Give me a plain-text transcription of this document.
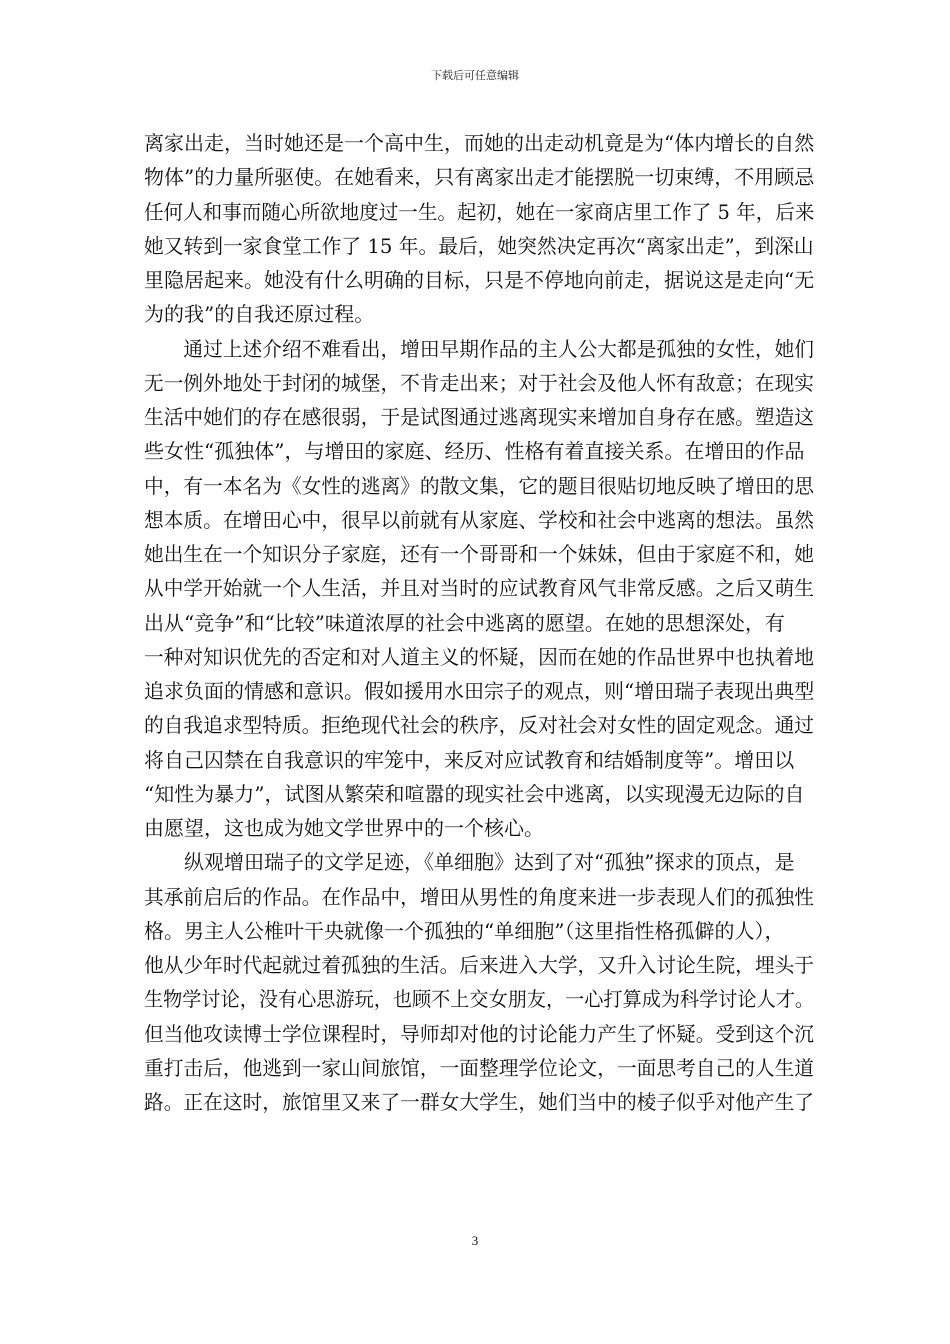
下载后可任意编辑
离家出走，当时她还是一个高中生，而她的出走动机竟是为“体内增长的自然
物体”的力量所驱使。在她看来，只有离家出走才能摆脱一切束缚，不用顾忌
任何人和事而随心所欲地度过一生。起初，她在一家商店里工作了 5 年，后来
她又转到一家食堂工作了 15 年。最后，她突然决定再次“离家出走”，到深山
里隐居起来。她没有什么明确的目标，只是不停地向前走，据说这是走向“无
为的我”的自我还原过程。
　　通过上述介绍不难看出，增田早期作品的主人公大都是孤独的女性，她们
无一例外地处于封闭的城堡，不肯走出来；对于社会及他人怀有敌意；在现实
生活中她们的存在感很弱，于是试图通过逃离现实来增加自身存在感。塑造这
些女性“孤独体”，与增田的家庭、经历、性格有着直接关系。在增田的作品
中，有一本名为《女性的逃离》的散文集，它的题目很贴切地反映了增田的思
想本质。在增田心中，很早以前就有从家庭、学校和社会中逃离的想法。虽然
她出生在一个知识分子家庭，还有一个哥哥和一个妹妹，但由于家庭不和，她
从中学开始就一个人生活，并且对当时的应试教育风气非常反感。之后又萌生
出从“竞争”和“比较”味道浓厚的社会中逃离的愿望。在她的思想深处，有
一种对知识优先的否定和对人道主义的怀疑，因而在她的作品世界中也执着地
追求负面的情感和意识。假如援用水田宗子的观点，则“增田瑞子表现出典型
的自我追求型特质。拒绝现代社会的秩序，反对社会对女性的固定观念。通过
将自己囚禁在自我意识的牢笼中，来反对应试教育和结婚制度等”。增田以
“知性为暴力”，试图从繁荣和喧嚣的现实社会中逃离，以实现漫无边际的自
由愿望，这也成为她文学世界中的一个核心。
　　纵观增田瑞子的文学足迹，《单细胞》达到了对“孤独”探求的顶点，是
其承前启后的作品。在作品中，增田从男性的角度来进一步表现人们的孤独性
格。男主人公椎叶干央就像一个孤独的“单细胞”（这里指性格孤僻的人），
他从少年时代起就过着孤独的生活。后来进入大学，又升入讨论生院，埋头于
生物学讨论，没有心思游玩，也顾不上交女朋友，一心打算成为科学讨论人才。
但当他攻读博士学位课程时，导师却对他的讨论能力产生了怀疑。受到这个沉
重打击后，他逃到一家山间旅馆，一面整理学位论文，一面思考自己的人生道
路。正在这时，旅馆里又来了一群女大学生，她们当中的棱子似乎对他产生了
3
